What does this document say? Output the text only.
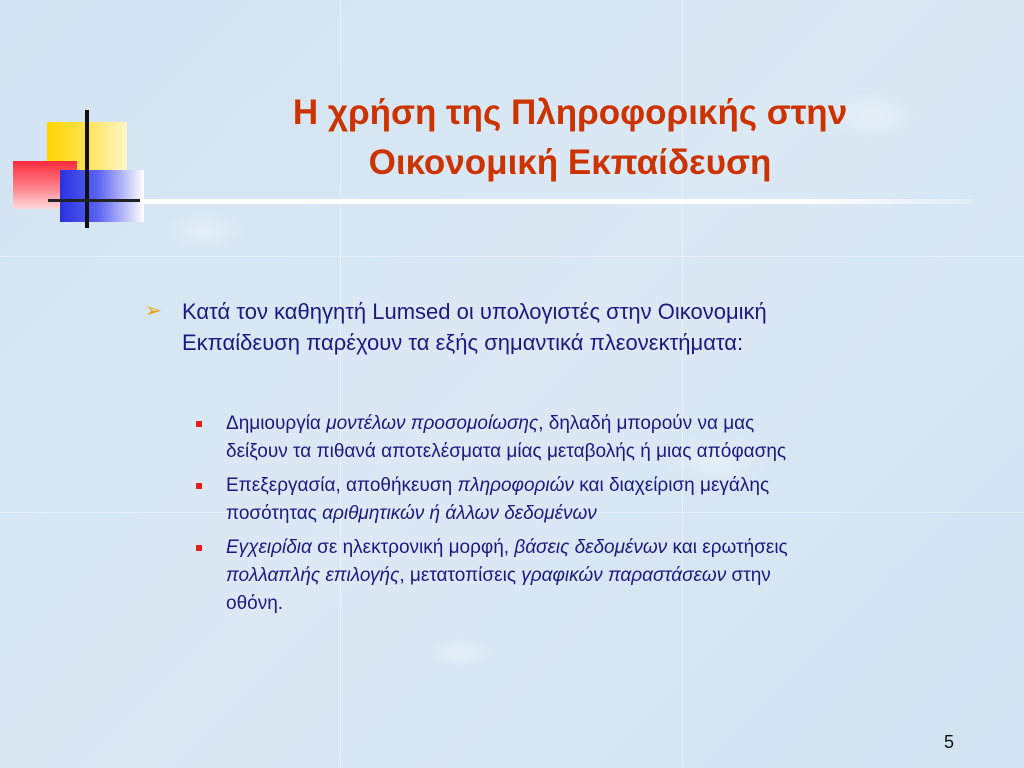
Η χρήση της Πληροφορικής στην
Οικονομική Εκπαίδευση
➢ Κατά τον καθηγητή Lumsed οι υπολογιστές στην Οικονομική
Εκπαίδευση παρέχουν τα εξής σημαντικά πλεονεκτήματα:
Δημιουργία μοντέλων προσομοίωσης, δηλαδή μπορούν να μας
δείξουν τα πιθανά αποτελέσματα μίας μεταβολής ή μιας απόφασης
Επεξεργασία, αποθήκευση πληροφοριών και διαχείριση μεγάλης
ποσότητας αριθμητικών ή άλλων δεδομένων
Εγχειρίδια σε ηλεκτρονική μορφή, βάσεις δεδομένων και ερωτήσεις
πολλαπλής επιλογής, μετατοπίσεις γραφικών παραστάσεων στην
οθόνη.
5
